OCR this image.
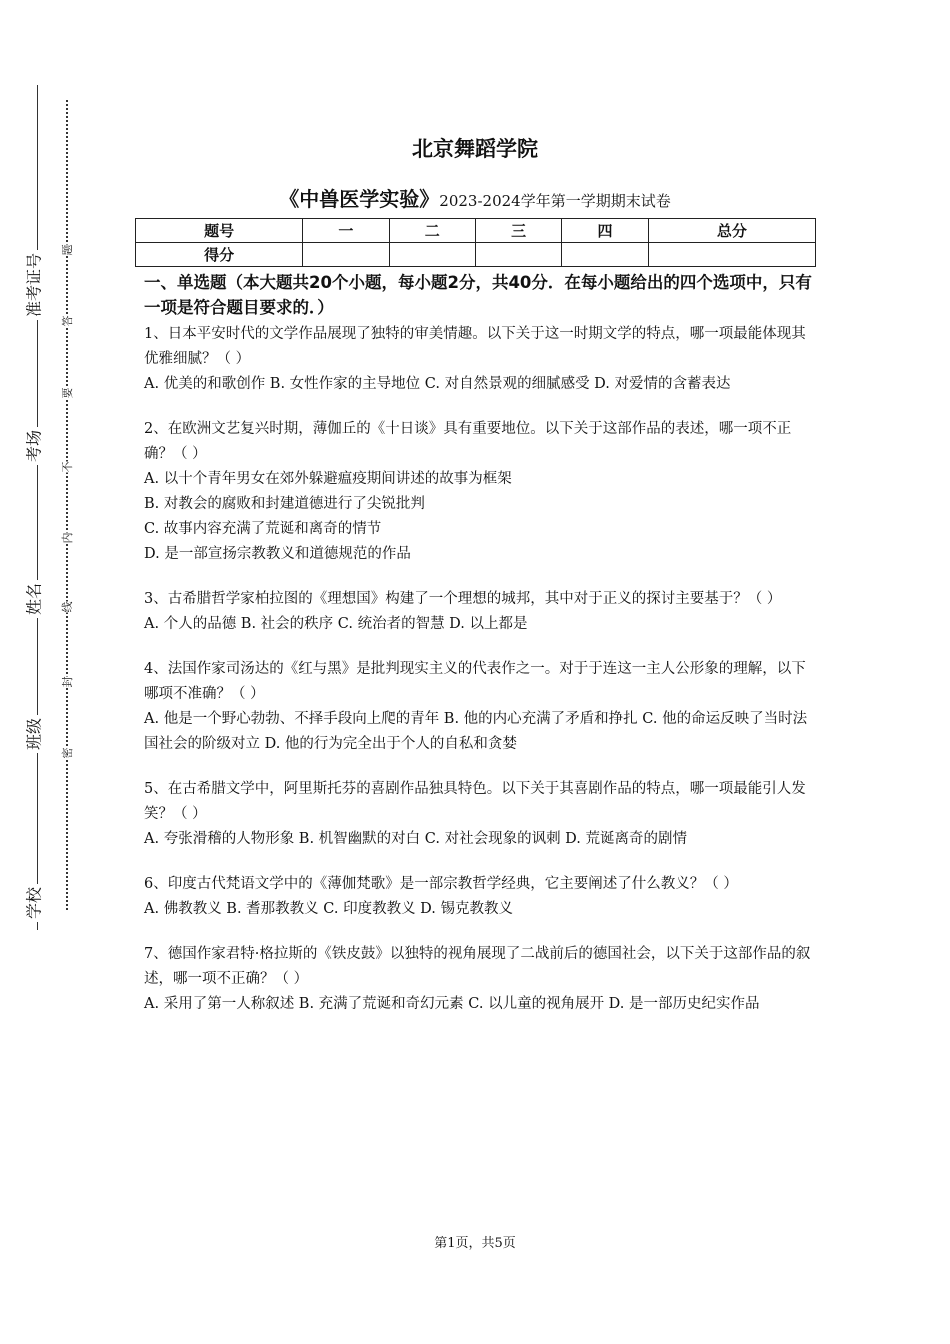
准考证号
考场
姓名
班级
学校
题
答
要
不
内
线
封
密
北京舞蹈学院
《中兽医学实验》2023-2024学年第一学期期末试卷
题号	一	二	三	四	总分
得分					
一、单选题（本大题共20个小题，每小题2分，共40分．在每小题给出的四个选项中，只有一项是符合题目要求的．）
1、日本平安时代的文学作品展现了独特的审美情趣。以下关于这一时期文学的特点，哪一项最能体现其优雅细腻？（ ）
A. 优美的和歌创作 B. 女性作家的主导地位 C. 对自然景观的细腻感受 D. 对爱情的含蓄表达
2、在欧洲文艺复兴时期，薄伽丘的《十日谈》具有重要地位。以下关于这部作品的表述，哪一项不正确？（ ）
A. 以十个青年男女在郊外躲避瘟疫期间讲述的故事为框架
B. 对教会的腐败和封建道德进行了尖锐批判
C. 故事内容充满了荒诞和离奇的情节
D. 是一部宣扬宗教教义和道德规范的作品
3、古希腊哲学家柏拉图的《理想国》构建了一个理想的城邦，其中对于正义的探讨主要基于？（ ）
A. 个人的品德 B. 社会的秩序 C. 统治者的智慧 D. 以上都是
4、法国作家司汤达的《红与黑》是批判现实主义的代表作之一。对于于连这一主人公形象的理解，以下哪项不准确？（ ）
A. 他是一个野心勃勃、不择手段向上爬的青年 B. 他的内心充满了矛盾和挣扎 C. 他的命运反映了当时法国社会的阶级对立 D. 他的行为完全出于个人的自私和贪婪
5、在古希腊文学中，阿里斯托芬的喜剧作品独具特色。以下关于其喜剧作品的特点，哪一项最能引人发笑？（ ）
A. 夸张滑稽的人物形象 B. 机智幽默的对白 C. 对社会现象的讽刺 D. 荒诞离奇的剧情
6、印度古代梵语文学中的《薄伽梵歌》是一部宗教哲学经典，它主要阐述了什么教义？（ ）
A. 佛教教义 B. 耆那教教义 C. 印度教教义 D. 锡克教教义
7、德国作家君特·格拉斯的《铁皮鼓》以独特的视角展现了二战前后的德国社会，以下关于这部作品的叙述，哪一项不正确？（ ）
A. 采用了第一人称叙述 B. 充满了荒诞和奇幻元素 C. 以儿童的视角展开 D. 是一部历史纪实作品
第1页，共5页
